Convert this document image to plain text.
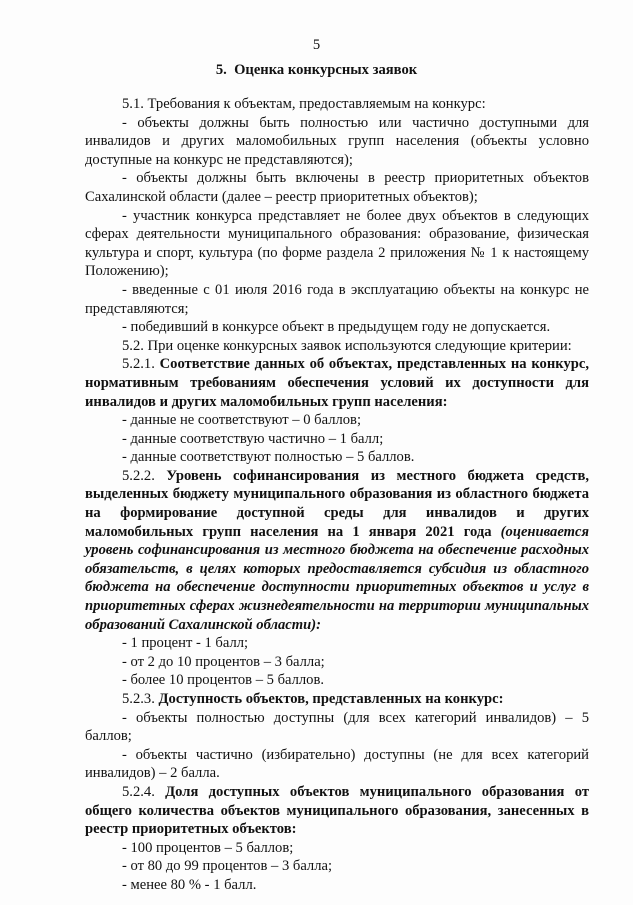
5
5.  Оценка конкурсных заявок

5.1. Требования к объектам, предоставляемым на конкурс:

- объекты должны быть полностью или частично доступными для инвалидов и других маломобильных групп населения (объекты условно доступные на конкурс не представляются);

- объекты должны быть включены в реестр приоритетных объектов Сахалинской области (далее – реестр приоритетных объектов);

- участник конкурса представляет не более двух объектов в следующих сферах деятельности муниципального образования: образование, физическая культура и спорт, культура (по форме раздела 2 приложения № 1 к настоящему Положению);

- введенные с 01 июля 2016 года в эксплуатацию объекты на конкурс не представляются;

- победивший в конкурсе объект в предыдущем году не допускается.

5.2. При оценке конкурсных заявок используются следующие критерии:

5.2.1. Соответствие данных об объектах, представленных на конкурс, нормативным требованиям обеспечения условий их доступности для инвалидов и других маломобильных групп населения:

- данные не соответствуют – 0 баллов;

- данные соответствую частично – 1 балл;

- данные соответствуют полностью – 5 баллов.

5.2.2. Уровень софинансирования из местного бюджета средств, выделенных бюджету муниципального образования из областного бюджета на формирование доступной среды для инвалидов и других маломобильных групп населения на 1 января 2021 года (оценивается уровень софинансирования из местного бюджета на обеспечение расходных обязательств, в целях которых предоставляется субсидия из областного бюджета на обеспечение доступности приоритетных объектов и услуг в приоритетных сферах жизнедеятельности на территории муниципальных образований Сахалинской области):

- 1 процент - 1 балл;

- от 2 до 10 процентов – 3 балла;

- более 10 процентов – 5 баллов.

5.2.3. Доступность объектов, представленных на конкурс:

- объекты полностью доступны (для всех категорий инвалидов) – 5 баллов;

- объекты частично (избирательно) доступны (не для всех категорий инвалидов) – 2 балла.

5.2.4. Доля доступных объектов муниципального образования от общего количества объектов муниципального образования, занесенных в реестр приоритетных объектов:

- 100 процентов – 5 баллов;

- от 80 до 99 процентов – 3 балла;

- менее 80 % - 1 балл.
